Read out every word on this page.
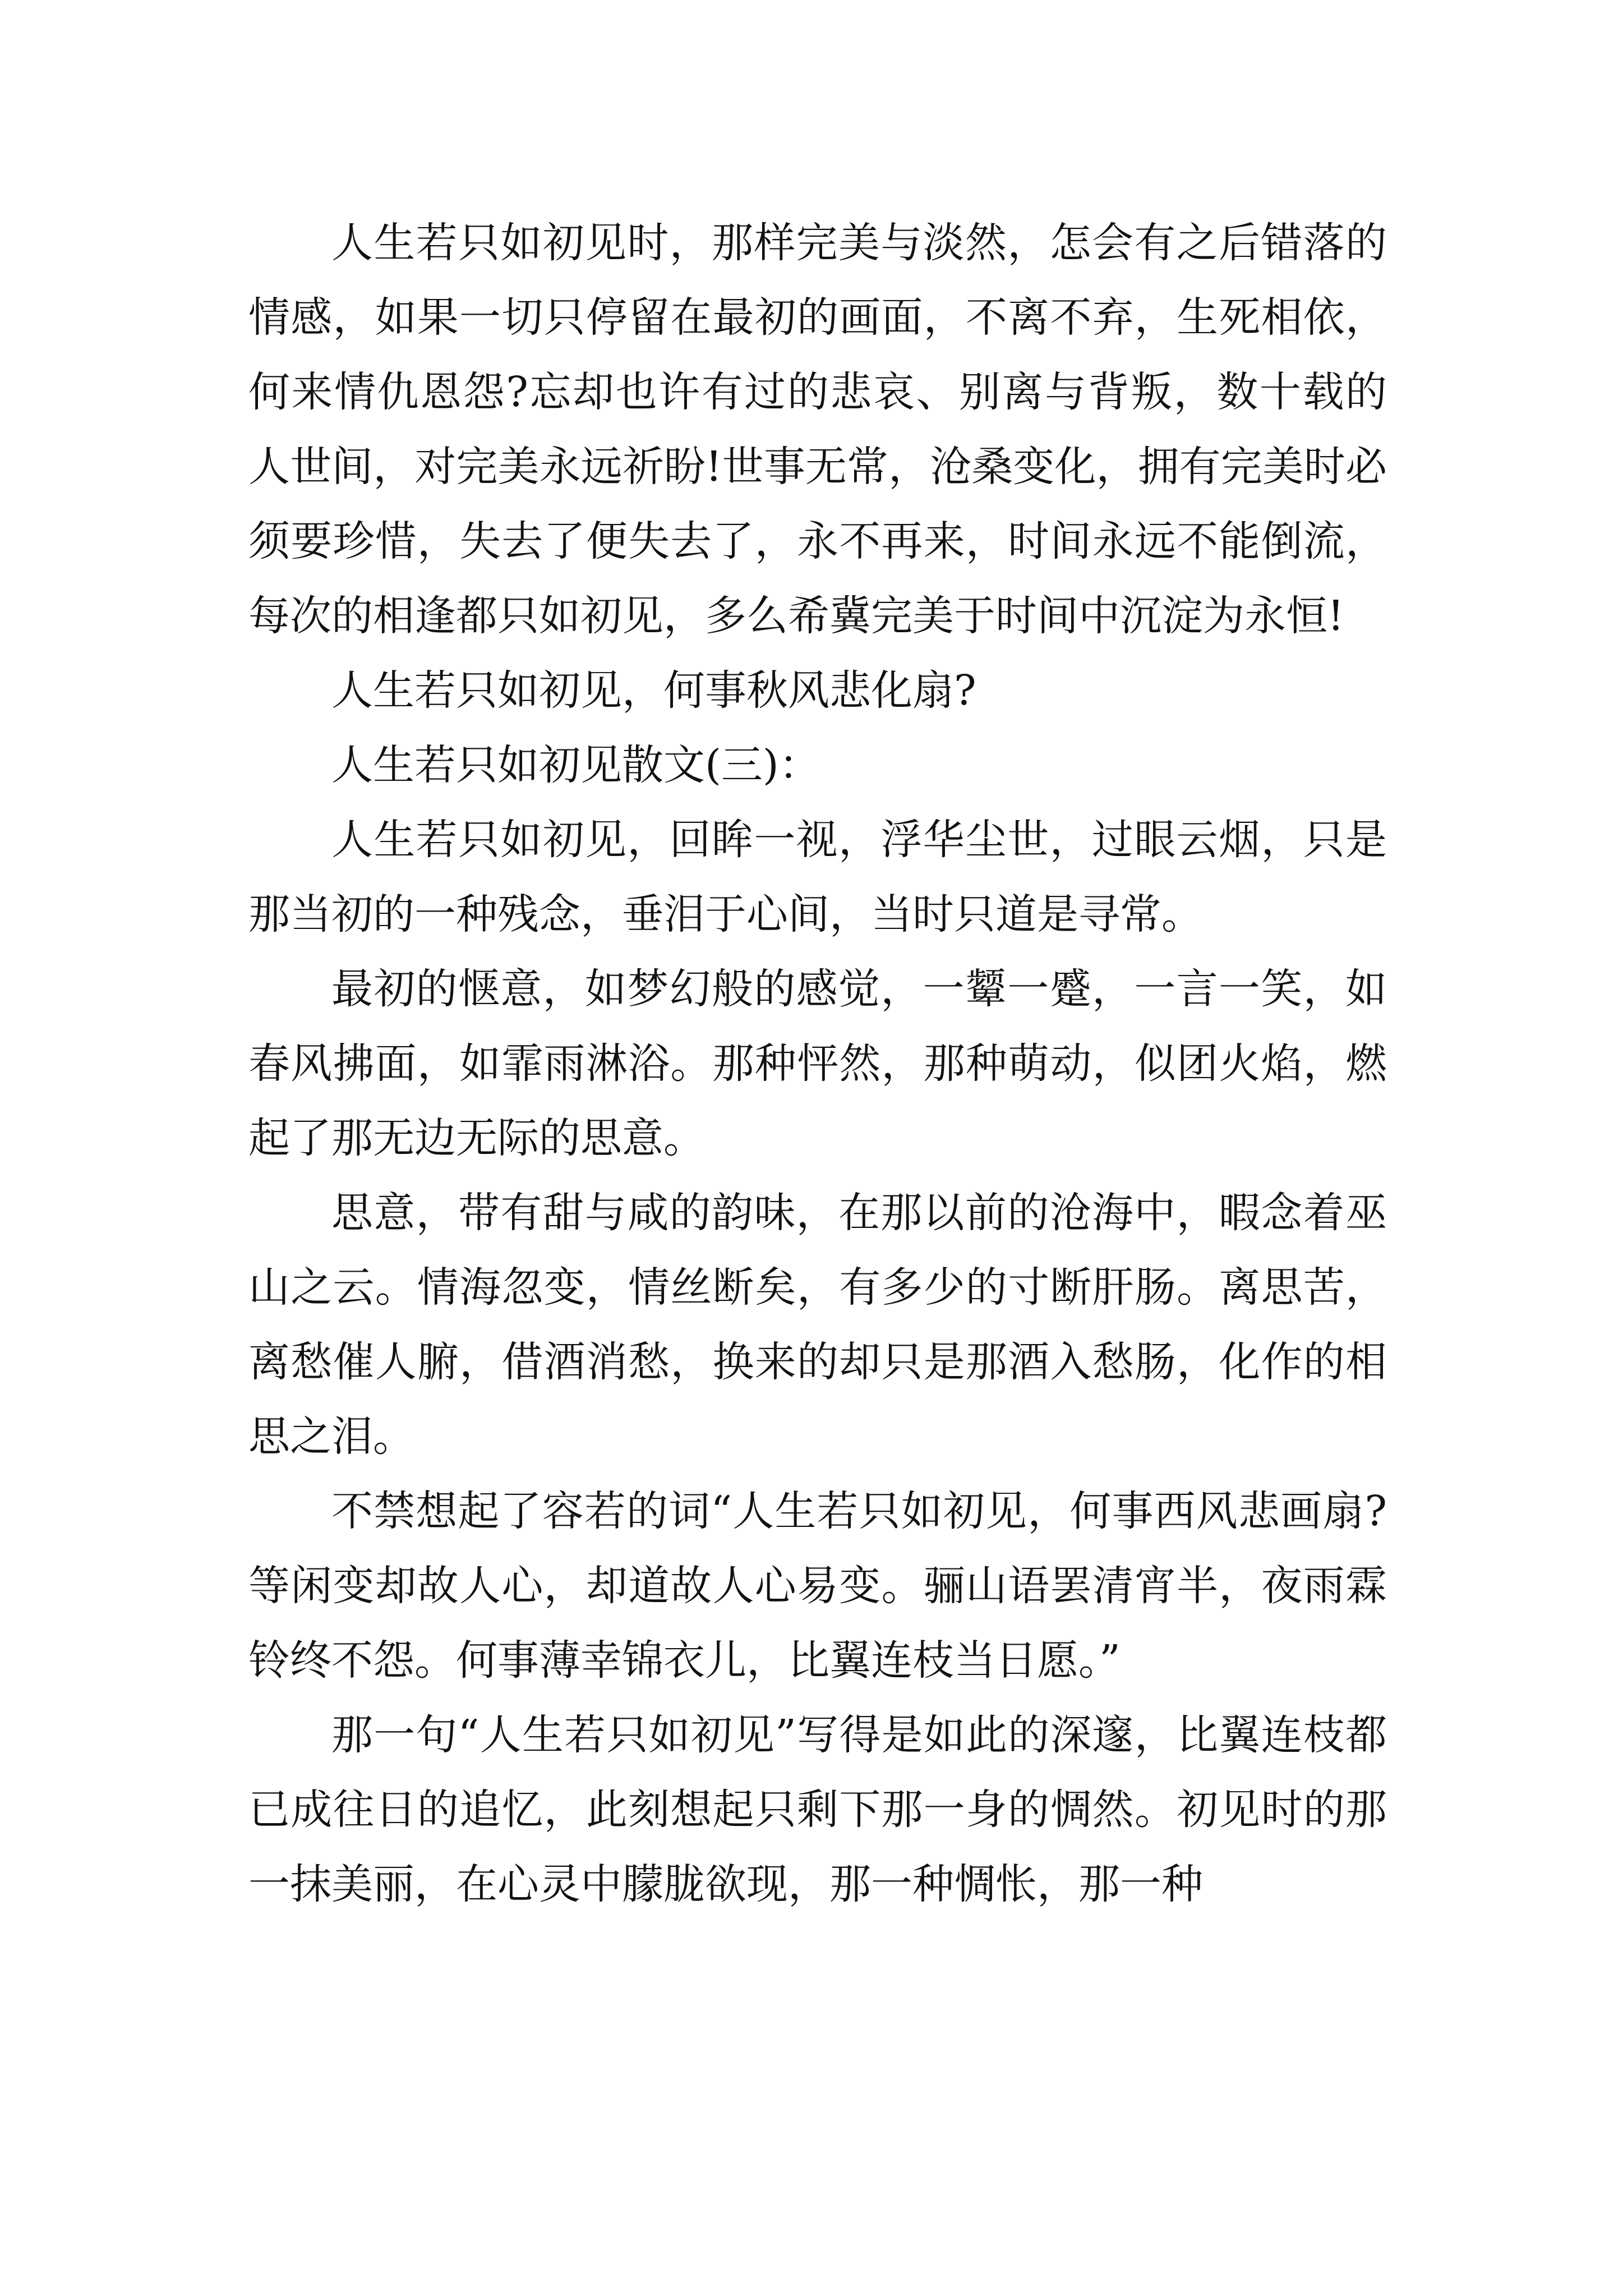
人生若只如初见时，那样完美与淡然，怎会有之后错落的情感，如果一切只停留在最初的画面，不离不弃，生死相依，何来情仇恩怨?忘却也许有过的悲哀、别离与背叛，数十载的人世间，对完美永远祈盼!世事无常，沧桑变化，拥有完美时必须要珍惜，失去了便失去了，永不再来，时间永远不能倒流，每次的相逢都只如初见，多么希冀完美于时间中沉淀为永恒!

人生若只如初见，何事秋风悲化扇?

人生若只如初见散文(三)：

人生若只如初见，回眸一视，浮华尘世，过眼云烟，只是那当初的一种残念，垂泪于心间，当时只道是寻常。

最初的惬意，如梦幻般的感觉，一颦一蹙，一言一笑，如春风拂面，如霏雨淋浴。那种怦然，那种萌动，似团火焰，燃起了那无边无际的思意。

思意，带有甜与咸的韵味，在那以前的沧海中，暇念着巫山之云。情海忽变，情丝断矣，有多少的寸断肝肠。离思苦，离愁催人腑，借酒消愁，换来的却只是那酒入愁肠，化作的相思之泪。

不禁想起了容若的词“人生若只如初见，何事西风悲画扇?等闲变却故人心，却道故人心易变。骊山语罢清宵半，夜雨霖铃终不怨。何事薄幸锦衣儿，比翼连枝当日愿。”

那一句“人生若只如初见”写得是如此的深邃，比翼连枝都已成往日的追忆，此刻想起只剩下那一身的惆然。初见时的那一抹美丽，在心灵中朦胧欲现，那一种惆怅，那一种
